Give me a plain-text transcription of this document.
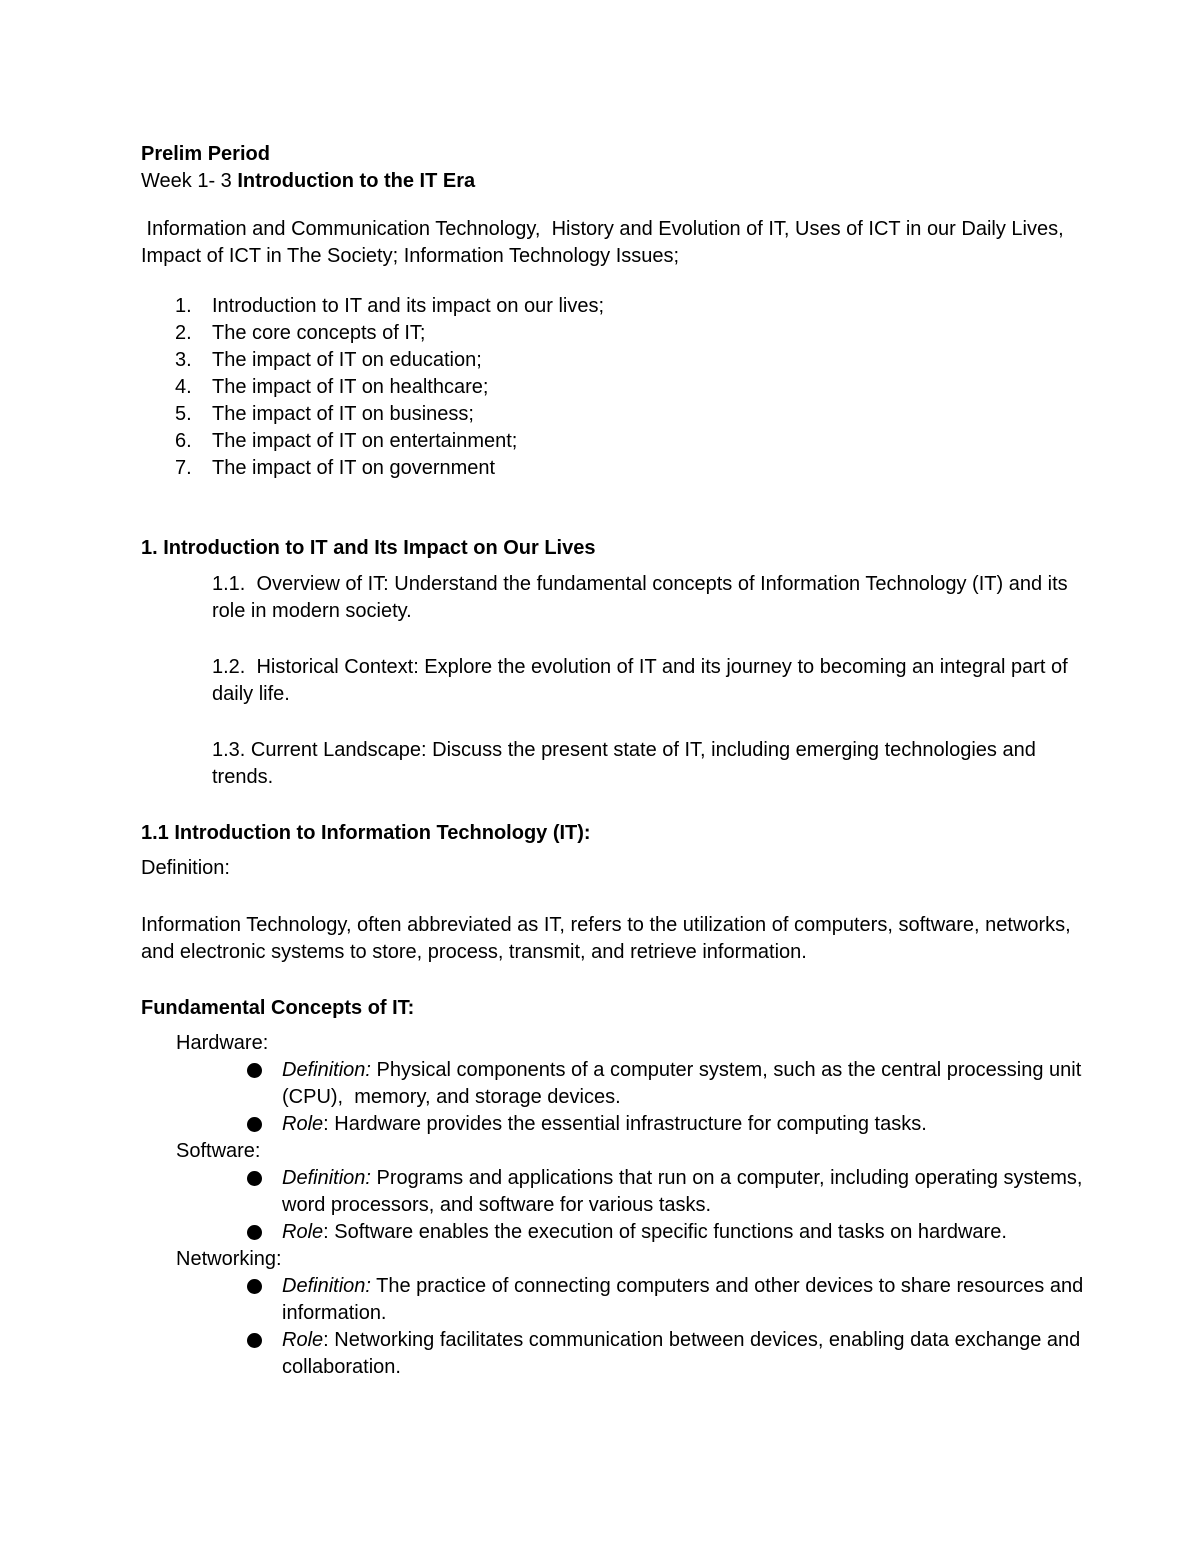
Prelim Period

Week 1- 3 Introduction to the IT Era

Information and Communication Technology,  History and Evolution of IT, Uses of ICT in our Daily Lives,

Impact of ICT in The Society; Information Technology Issues;

1. Introduction to IT and its impact on our lives;
2. The core concepts of IT;
3. The impact of IT on education;
4. The impact of IT on healthcare;
5. The impact of IT on business;
6. The impact of IT on entertainment;
7. The impact of IT on government

1. Introduction to IT and Its Impact on Our Lives

1.1.  Overview of IT: Understand the fundamental concepts of Information Technology (IT) and its

role in modern society.

1.2.  Historical Context: Explore the evolution of IT and its journey to becoming an integral part of

daily life.

1.3. Current Landscape: Discuss the present state of IT, including emerging technologies and

trends.

1.1 Introduction to Information Technology (IT):

Definition:

Information Technology, often abbreviated as IT, refers to the utilization of computers, software, networks,

and electronic systems to store, process, transmit, and retrieve information.

Fundamental Concepts of IT:

Hardware:

Definition: Physical components of a computer system, such as the central processing unit

(CPU),  memory, and storage devices.

Role: Hardware provides the essential infrastructure for computing tasks.

Software:

Definition: Programs and applications that run on a computer, including operating systems,

word processors, and software for various tasks.

Role: Software enables the execution of specific functions and tasks on hardware.

Networking:

Definition: The practice of connecting computers and other devices to share resources and

information.

Role: Networking facilitates communication between devices, enabling data exchange and

collaboration.
